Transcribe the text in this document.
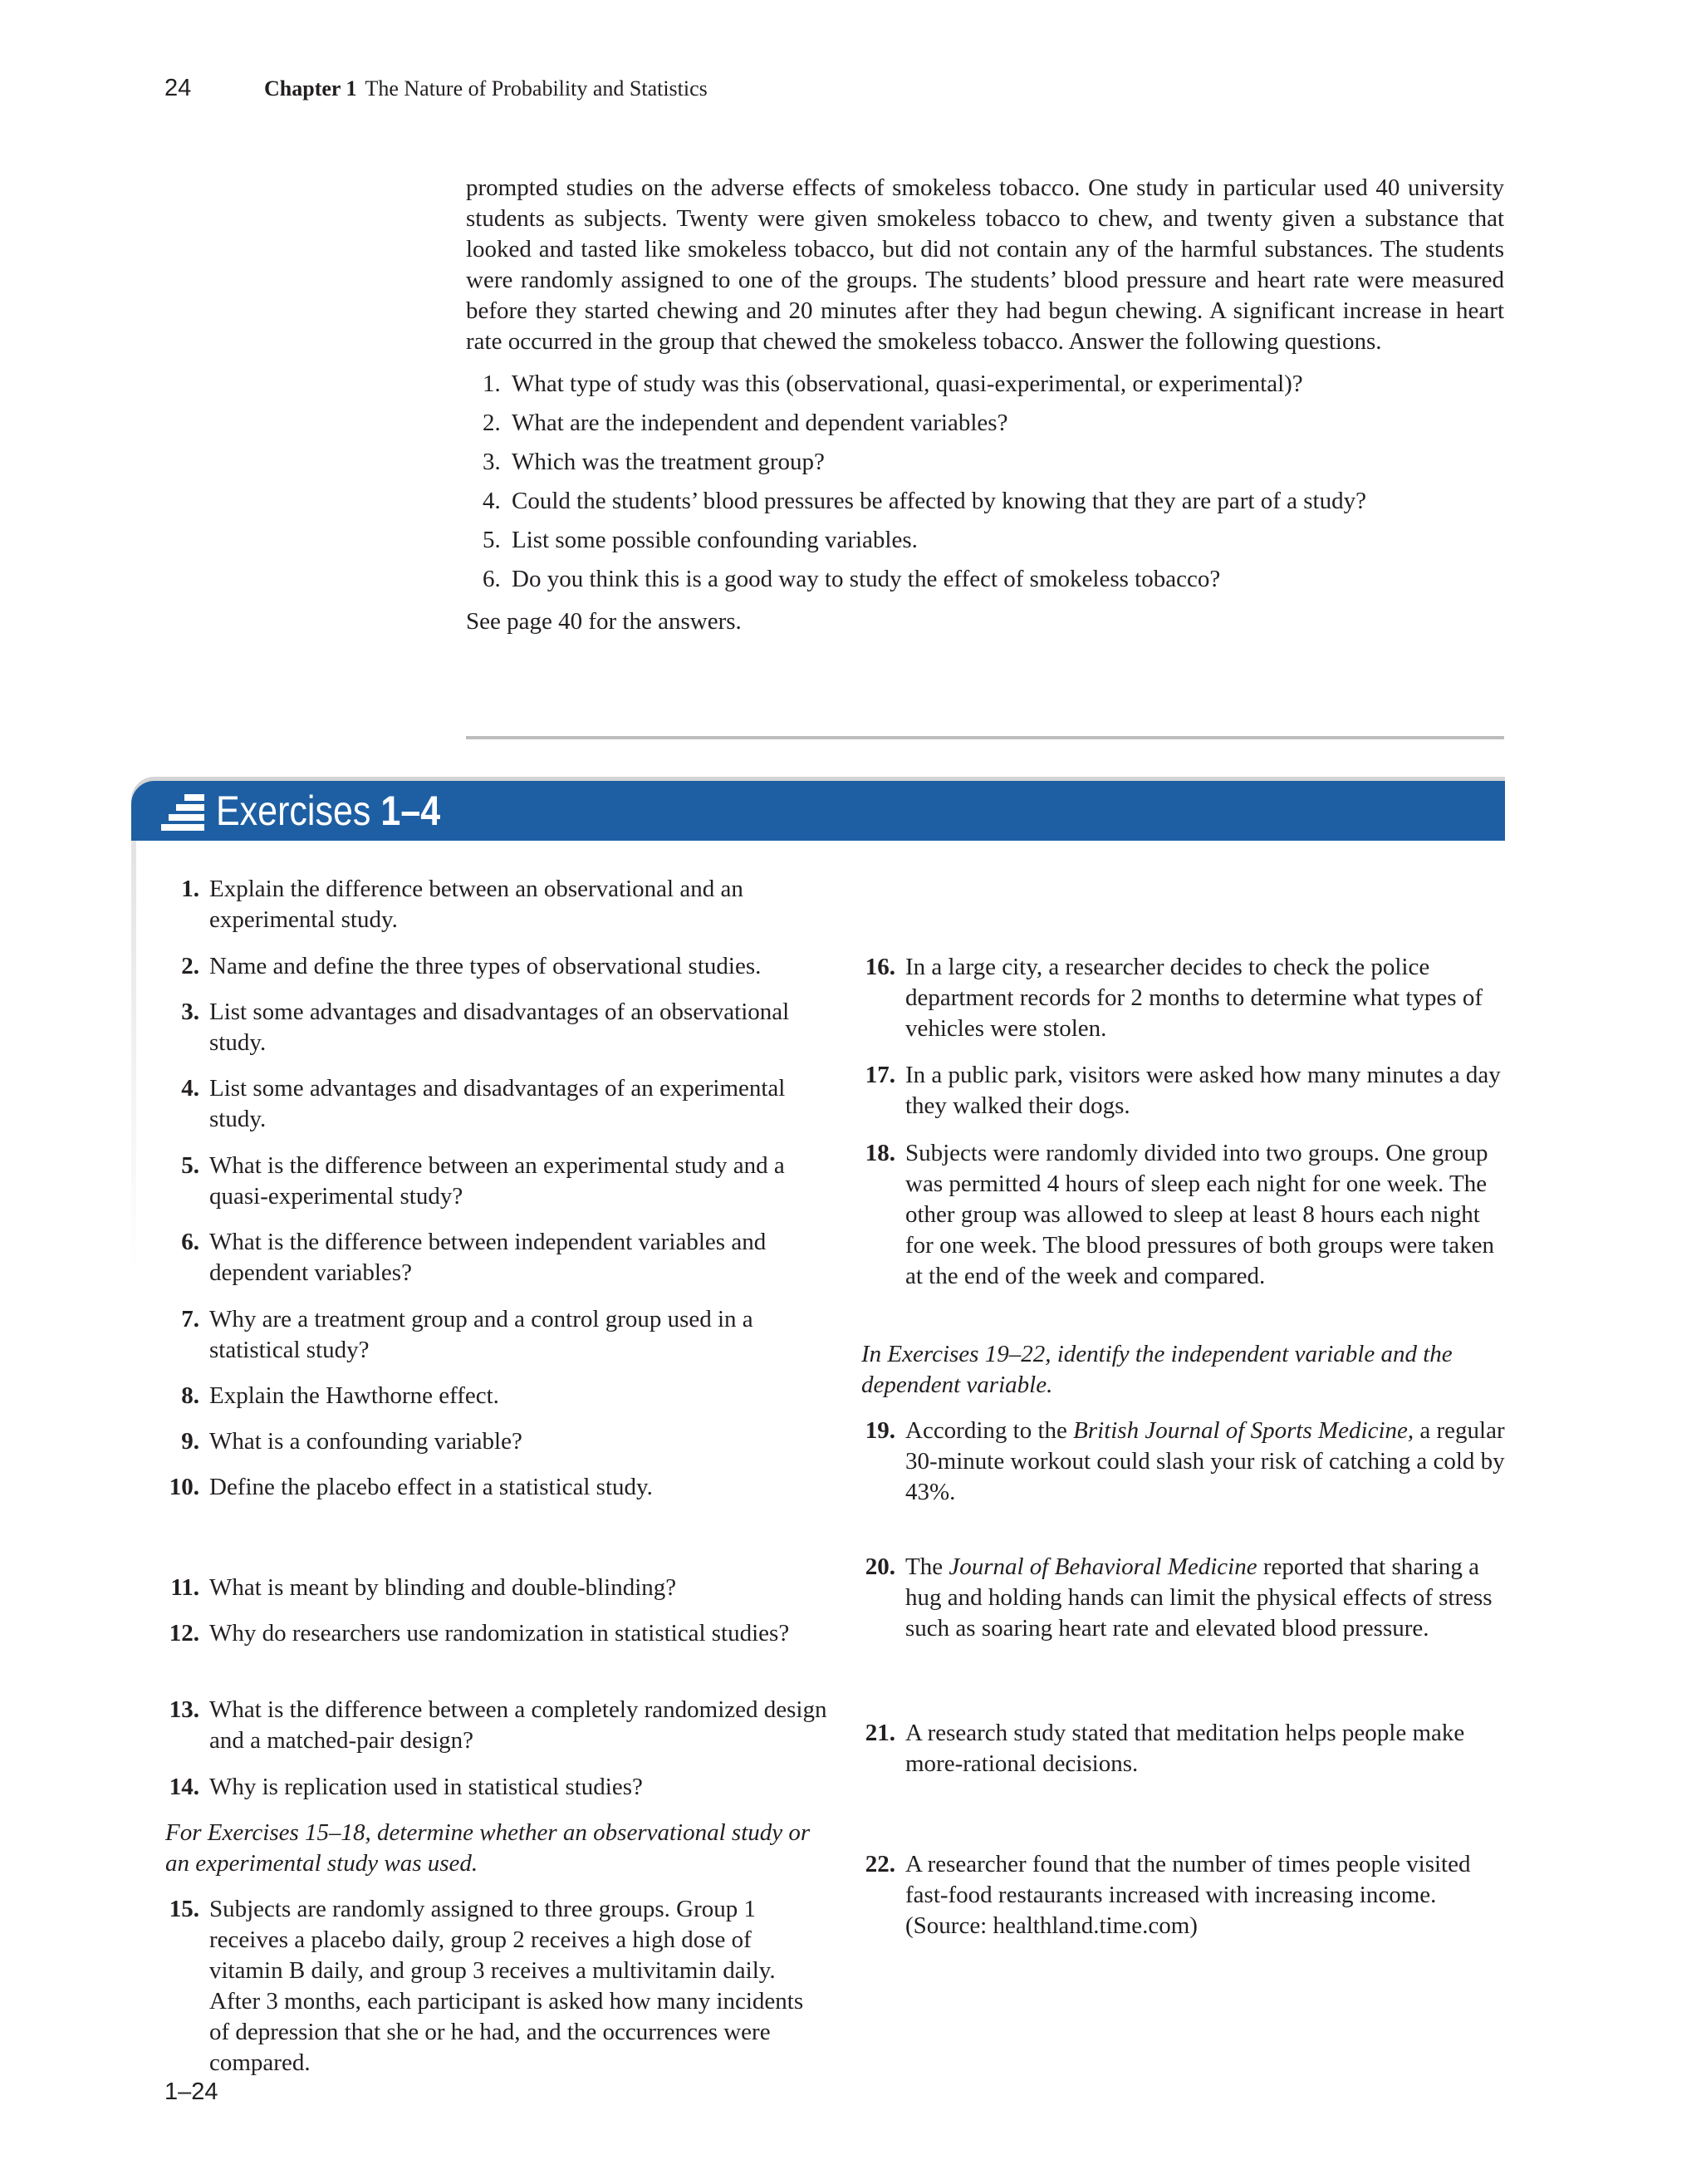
24	Chapter 1 The Nature of Probability and Statistics

prompted studies on the adverse effects of smokeless tobacco. One study in particular used 40 university students as subjects. Twenty were given smokeless tobacco to chew, and twenty given a substance that looked and tasted like smokeless tobacco, but did not contain any of the harmful substances. The students were randomly assigned to one of the groups. The students’ blood pressure and heart rate were measured before they started chewing and 20 minutes after they had begun chewing. A significant increase in heart rate occurred in the group that chewed the smokeless tobacco. Answer the following questions.

1. What type of study was this (observational, quasi-experimental, or experimental)?
2. What are the independent and dependent variables?
3. Which was the treatment group?
4. Could the students’ blood pressures be affected by knowing that they are part of a study?
5. List some possible confounding variables.
6. Do you think this is a good way to study the effect of smokeless tobacco?

See page 40 for the answers.

Exercises 1–4
1. Explain the difference between an observational and an experimental study.
2. Name and define the three types of observational studies.
3. List some advantages and disadvantages of an observational study.
4. List some advantages and disadvantages of an experimental study.
5. What is the difference between an experimental study and a quasi-experimental study?
6. What is the difference between independent variables and dependent variables?
7. Why are a treatment group and a control group used in a statistical study?
8. Explain the Hawthorne effect.
9. What is a confounding variable?
10. Define the placebo effect in a statistical study.
11. What is meant by blinding and double-blinding?
12. Why do researchers use randomization in statistical studies?
13. What is the difference between a completely randomized design and a matched-pair design?
14. Why is replication used in statistical studies?
For Exercises 15–18, determine whether an observational study or an experimental study was used.
15. Subjects are randomly assigned to three groups. Group 1 receives a placebo daily, group 2 receives a high dose of vitamin B daily, and group 3 receives a multivitamin daily. After 3 months, each participant is asked how many incidents of depression that she or he had, and the occurrences were compared.
16. In a large city, a researcher decides to check the police department records for 2 months to determine what types of vehicles were stolen.
17. In a public park, visitors were asked how many minutes a day they walked their dogs.
18. Subjects were randomly divided into two groups. One group was permitted 4 hours of sleep each night for one week. The other group was allowed to sleep at least 8 hours each night for one week. The blood pressures of both groups were taken at the end of the week and compared.
In Exercises 19–22, identify the independent variable and the dependent variable.
19. According to the British Journal of Sports Medicine, a regular 30-minute workout could slash your risk of catching a cold by 43%.
20. The Journal of Behavioral Medicine reported that sharing a hug and holding hands can limit the physical effects of stress such as soaring heart rate and elevated blood pressure.
21. A research study stated that meditation helps people make more-rational decisions.
22. A researcher found that the number of times people visited fast-food restaurants increased with increasing income. (Source: healthland.time.com)
1–24
